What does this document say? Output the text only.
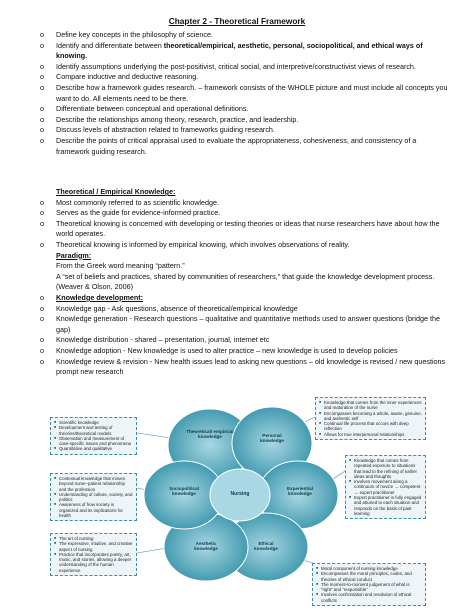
Chapter 2 - Theoretical Framework
o Define key concepts in the philosophy of science.
o Identify and differentiate between theoretical/empirical, aesthetic, personal, sociopolitical, and ethical ways of knowing.
o Identify assumptions underlying the post-positivist, critical social, and interpretive/constructivist views of research.
o Compare inductive and deductive reasoning.
o Describe how a framework guides research. – framework consists of the WHOLE picture and must include all concepts you want to do. All elements need to be there.
o Differentiate between conceptual and operational definitions.
o Describe the relationships among theory, research, practice, and leadership.
o Discuss levels of abstraction related to frameworks guiding research.
o Describe the points of critical appraisal used to evaluate the appropriateness, cohesiveness, and consistency of a framework guiding research.
Theoretical / Empirical Knowledge:
o Most commonly referred to as scientific knowledge.
o Serves as the guide for evidence-informed practice.
o Theoretical knowing is concerned with developing or testing theories or ideas that nurse researchers have about how the world operates.
o Theoretical knowing is informed by empirical knowing, which involves observations of reality.
Paradigm:
From the Greek word meaning “pattern.”
A “set of beliefs and practices, shared by communities of researchers,” that guide the knowledge development process. (Weaver & Olson, 2006)
o Knowledge development:
o Knowledge gap - Ask questions, absence of theoretical/empirical knowledge
o Knowledge generation - Research questions – qualitative and quantitative methods used to answer questions (bridge the gap)
o Knowledge distribution - shared – presentation, journal, internet etc
o Knowledge adoption - New knowledge is used to alter practice – new knowledge is used to develop policies
o Knowledge review & revision - New health issues lead to asking new questions – old knowledge is revised / new questions prompt new research
Theoretical/ empirical knowledge	Personal knowledge
Experiential knowledge
Ethical knowledge
Aesthetic knowledge
Sociopolitical knowledge	Nursing
■ Scientific knowledge
■ Development and testing of theories/theoretical models
■ Observation and measurement of case-specific issues and phenomena
■ Quantitative and qualitative
■ Knowledge that comes from the inner experiences and maturation of the nurse
■ Encompasses becoming a whole, aware, genuine, and authentic self
■ Continual life process that occurs with deep reflection
■ Allows for true interpersonal relationships
■ Contextual knowledge that moves beyond nurse–patient relationship and the profession
■ Understanding of culture, society, and politics
■ Awareness of how society is organized and its implications for health
■ Knowledge that comes from repeated exposure to situations that lead to the refining of earlier ideas and thoughts
■ Involves movement along a continuum of novice → competent → expert practitioner
■ Expert practitioner is fully engaged and attuned to each situation and responds on the basis of past learning
■ The art of nursing
■ The expressive, intuitive, and creative aspect of nursing
■ Practice that incorporates poetry, art, music, and stories, allowing a deeper understanding of the human experience
■	Moral component of nursing knowledge
■ Encompasses the moral principles, codes, and theories of ethical conduct
■ The moment-to-moment judgement of what is “right” and “responsible”
■ Involves confrontation and resolution of ethical conflicts
